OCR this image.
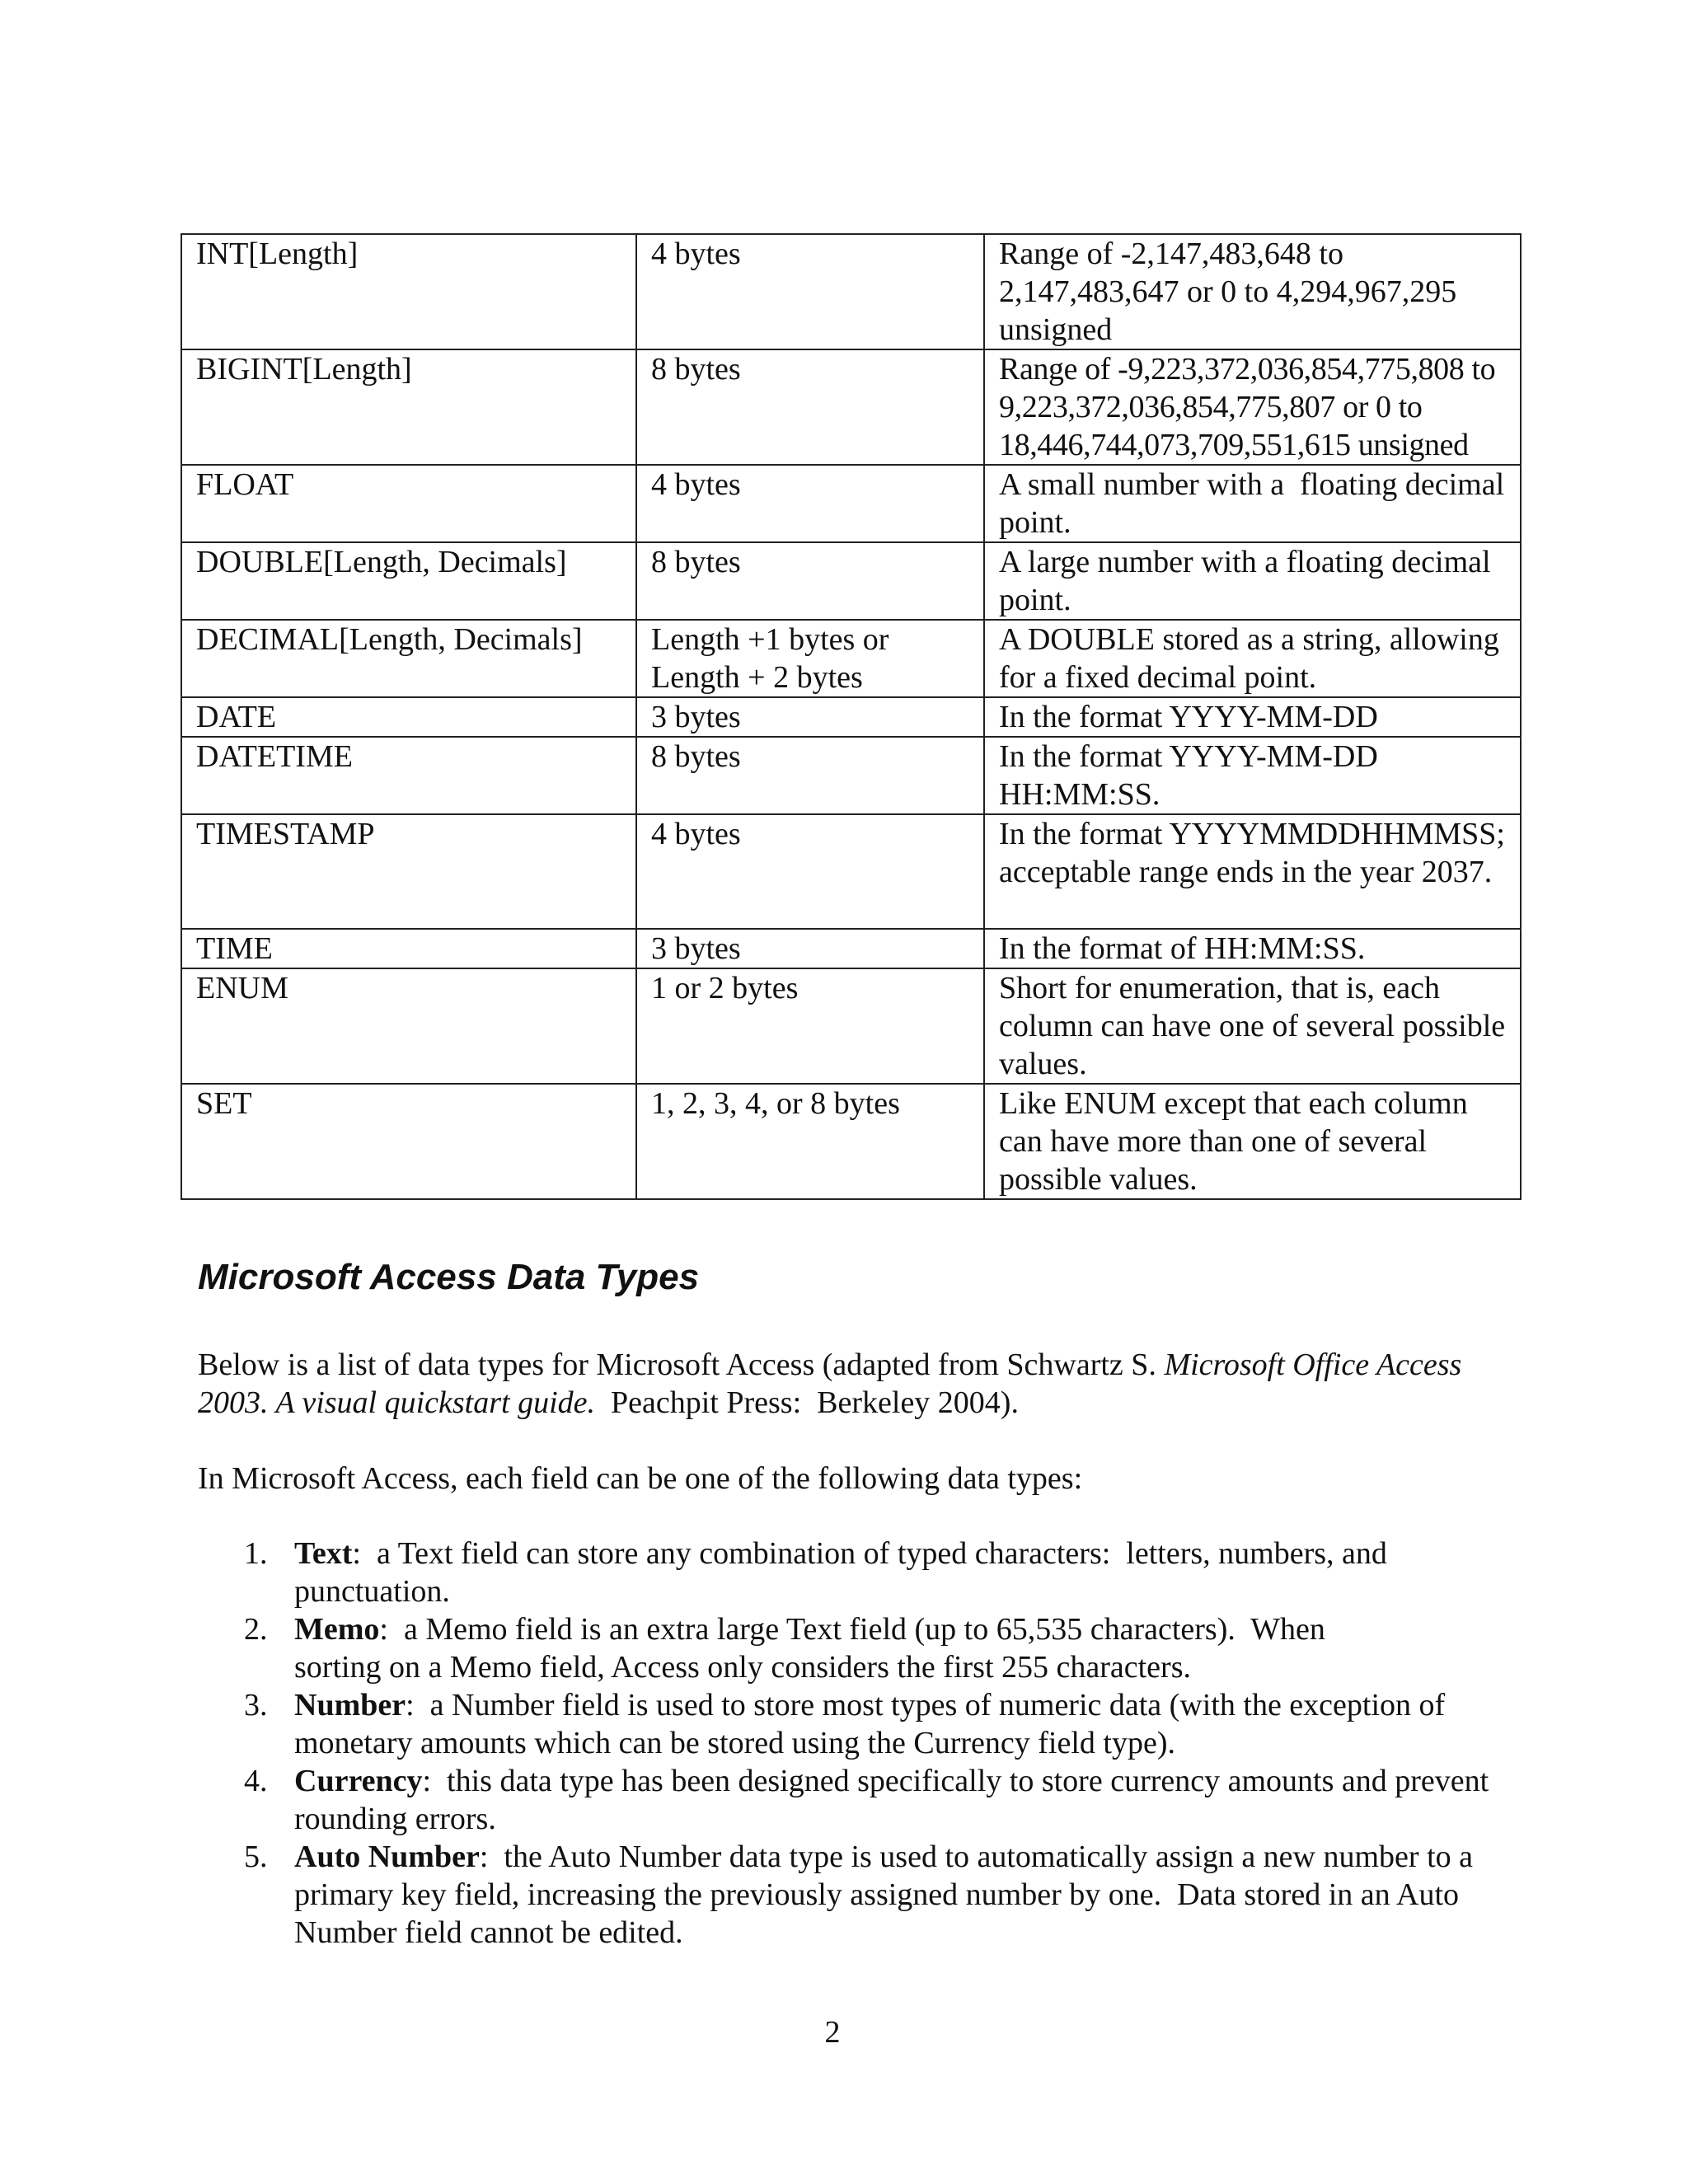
INT[Length]	4 bytes	Range of -2,147,483,648 to 2,147,483,647 or 0 to 4,294,967,295 unsigned
BIGINT[Length]	8 bytes	Range of -9,223,372,036,854,775,808 to 9,223,372,036,854,775,807 or 0 to 18,446,744,073,709,551,615 unsigned
FLOAT	4 bytes	A small number with a  floating decimal point.
DOUBLE[Length, Decimals]	8 bytes	A large number with a floating decimal point.
DECIMAL[Length, Decimals]	Length +1 bytes or Length + 2 bytes	A DOUBLE stored as a string, allowing for a fixed decimal point.
DATE	3 bytes	In the format YYYY-MM-DD
DATETIME	8 bytes	In the format YYYY-MM-DD HH:MM:SS.
TIMESTAMP	4 bytes	In the format YYYYMMDDHHMMSS; acceptable range ends in the year 2037.
TIME	3 bytes	In the format of HH:MM:SS.
ENUM	1 or 2 bytes	Short for enumeration, that is, each column can have one of several possible values.
SET	1, 2, 3, 4, or 8 bytes	Like ENUM except that each column can have more than one of several possible values.
Microsoft Access Data Types

Below is a list of data types for Microsoft Access (adapted from Schwartz S. Microsoft Office Access 2003. A visual quickstart guide.  Peachpit Press:  Berkeley 2004).

In Microsoft Access, each field can be one of the following data types:

1. Text:  a Text field can store any combination of typed characters:  letters, numbers, and punctuation.
2. Memo:  a Memo field is an extra large Text field (up to 65,535 characters).  When sorting on a Memo field, Access only considers the first 255 characters.
3. Number:  a Number field is used to store most types of numeric data (with the exception of monetary amounts which can be stored using the Currency field type).
4. Currency:  this data type has been designed specifically to store currency amounts and prevent rounding errors.
5. Auto Number:  the Auto Number data type is used to automatically assign a new number to a primary key field, increasing the previously assigned number by one.  Data stored in an Auto Number field cannot be edited.

2
